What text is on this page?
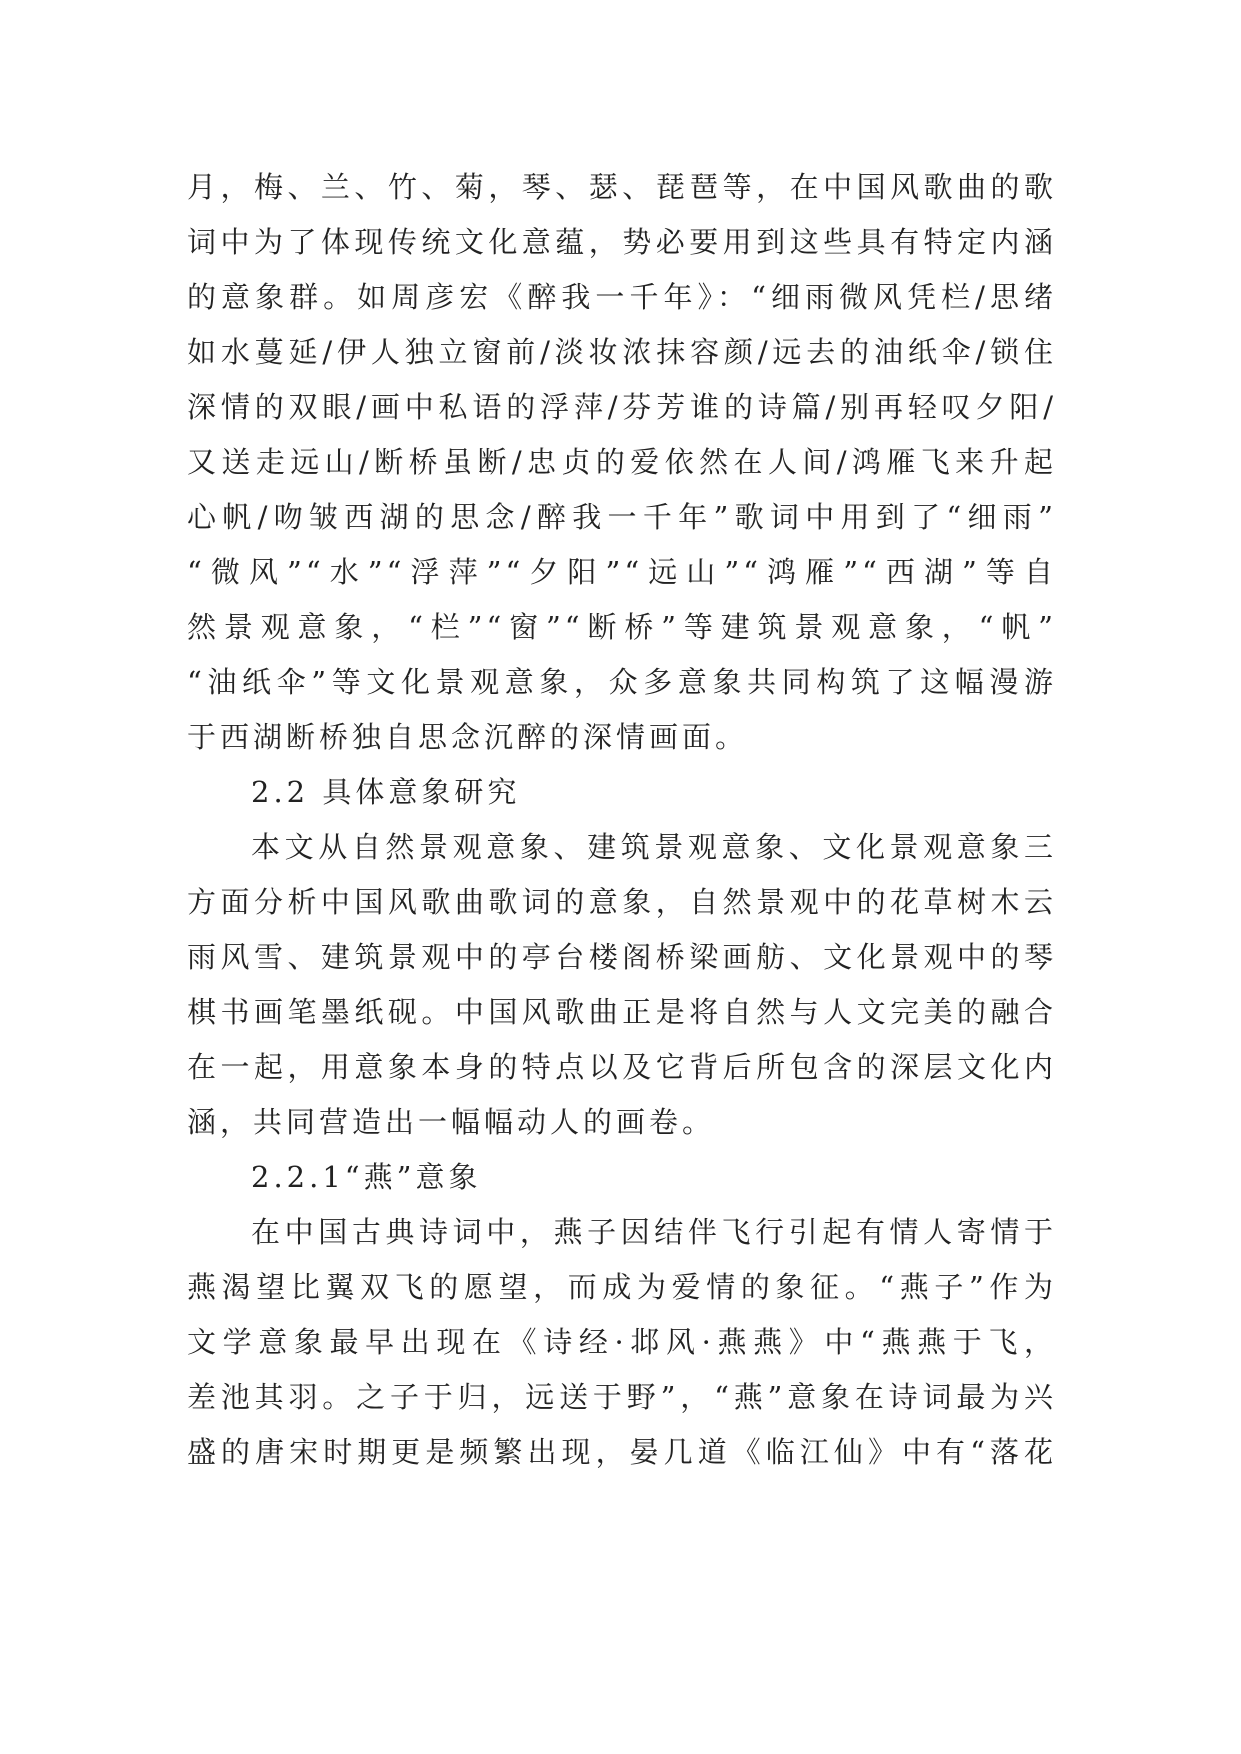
月，梅、兰、竹、菊，琴、瑟、琵琶等，在中国风歌曲的歌
词中为了体现传统文化意蕴，势必要用到这些具有特定内涵
的意象群。如周彦宏《醉我一千年》：“细雨微风凭栏/思绪
如水蔓延/伊人独立窗前/淡妆浓抹容颜/远去的油纸伞/锁住
深情的双眼/画中私语的浮萍/芬芳谁的诗篇/别再轻叹夕阳/
又送走远山/断桥虽断/忠贞的爱依然在人间/鸿雁飞来升起
心帆/吻皱西湖的思念/醉我一千年”歌词中用到了“细雨”
“微风”“水”“浮萍”“夕阳”“远山”“鸿雁”“西湖”等自
然景观意象，“栏”“窗”“断桥”等建筑景观意象，“帆”
“油纸伞”等文化景观意象，众多意象共同构筑了这幅漫游
于西湖断桥独自思念沉醉的深情画面。
2.2 具体意象研究
本文从自然景观意象、建筑景观意象、文化景观意象三
方面分析中国风歌曲歌词的意象，自然景观中的花草树木云
雨风雪、建筑景观中的亭台楼阁桥梁画舫、文化景观中的琴
棋书画笔墨纸砚。中国风歌曲正是将自然与人文完美的融合
在一起，用意象本身的特点以及它背后所包含的深层文化内
涵，共同营造出一幅幅动人的画卷。
2.2.1“燕”意象
在中国古典诗词中，燕子因结伴飞行引起有情人寄情于
燕渴望比翼双飞的愿望，而成为爱情的象征。“燕子”作为
文学意象最早出现在《诗经·邶风·燕燕》中“燕燕于飞，
差池其羽。之子于归，远送于野”，“燕”意象在诗词最为兴
盛的唐宋时期更是频繁出现，晏几道《临江仙》中有“落花
